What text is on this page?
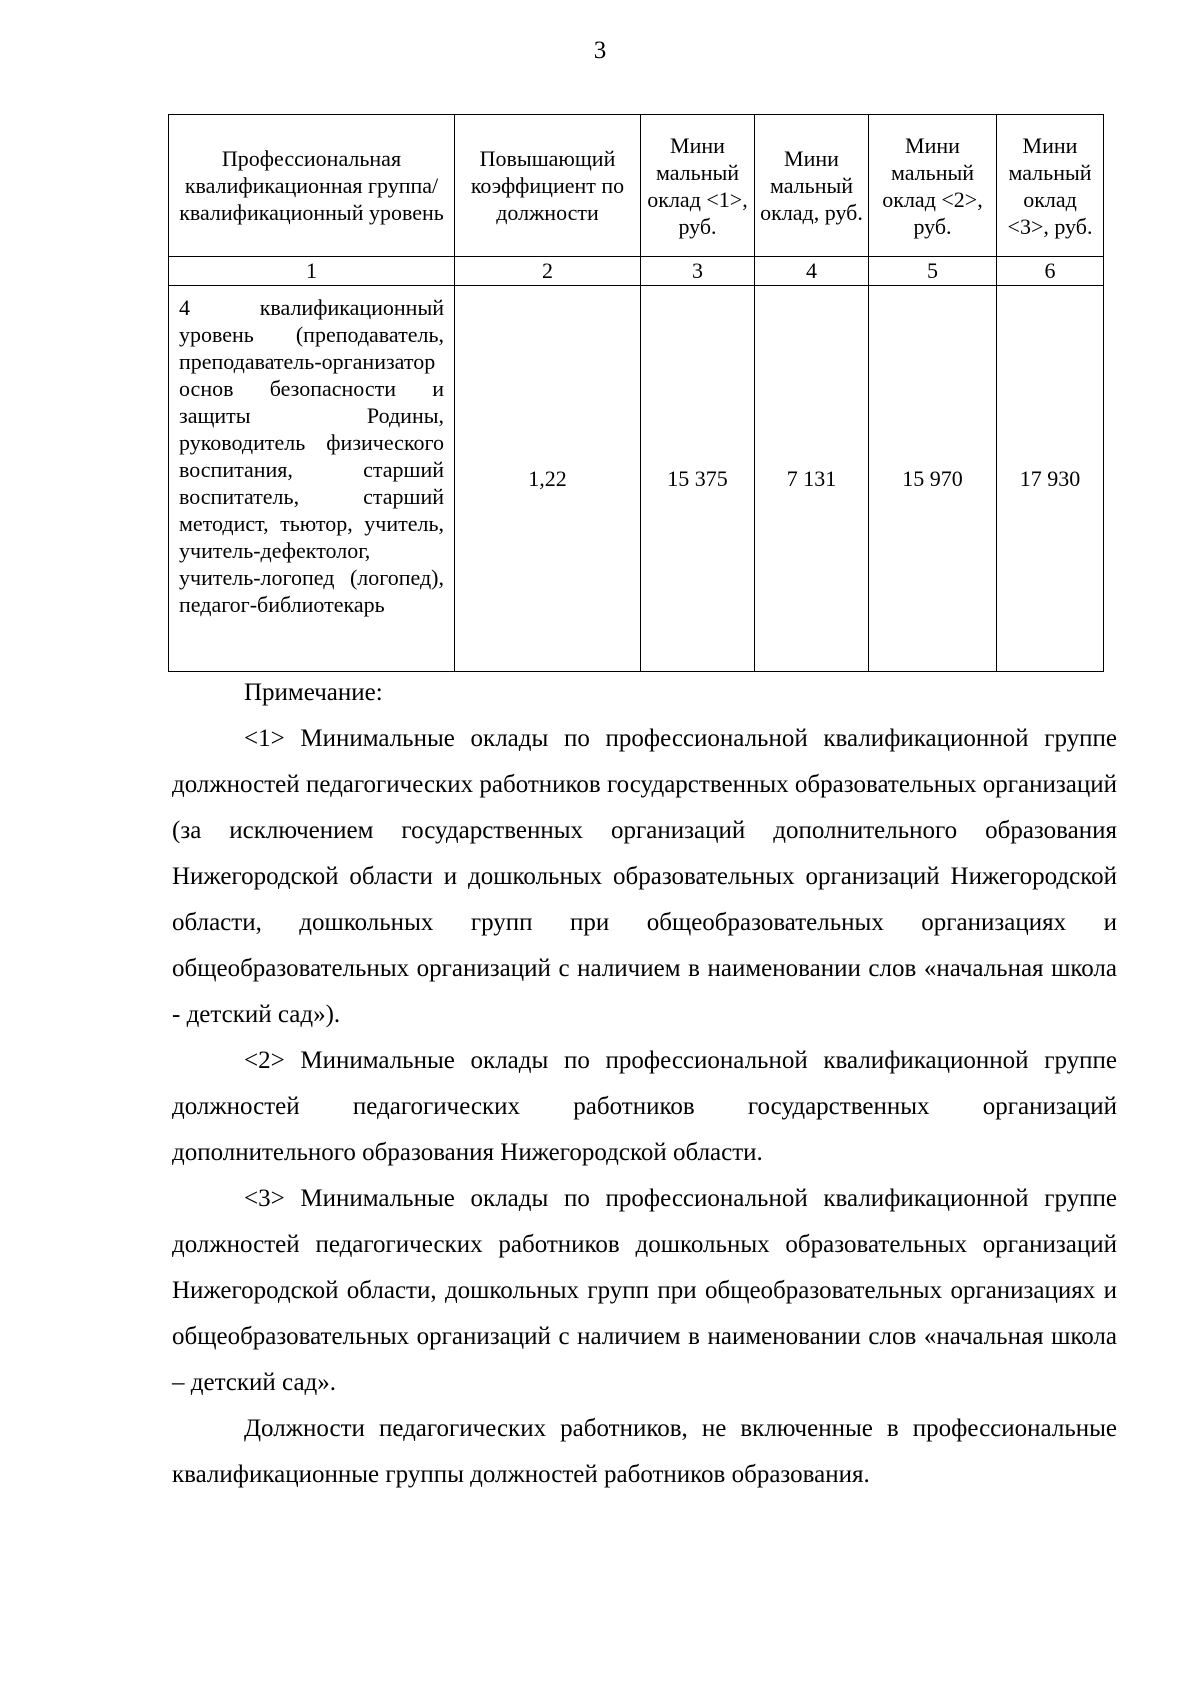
3
Профессиональная квалификационная группа/ квалификационный уровень	Повышающий коэффициент по должности	Мини мальный оклад <1>, руб.	Мини мальный оклад, руб.	Мини мальный оклад <2>, руб.	Мини мальный оклад <3>, руб.
1	2	3	4	5	6
4 квалификационный уровень (преподаватель, преподаватель-организатор основ безопасности и защиты Родины, руководитель физического воспитания, старший воспитатель, старший методист, тьютор, учитель, учитель-дефектолог, учитель-логопед (логопед), педагог-библиотекарь	1,22	15 375	7 131	15 970	17 930

Примечание:

<1> Минимальные оклады по профессиональной квалификационной группе должностей педагогических работников государственных образовательных организаций (за исключением государственных организаций дополнительного образования Нижегородской области и дошкольных образовательных организаций Нижегородской области, дошкольных групп при общеобразовательных организациях и общеобразовательных организаций с наличием в наименовании слов «начальная школа - детский сад»).

<2> Минимальные оклады по профессиональной квалификационной группе должностей педагогических работников государственных организаций дополнительного образования Нижегородской области.

<3> Минимальные оклады по профессиональной квалификационной группе должностей педагогических работников дошкольных образовательных организаций Нижегородской области, дошкольных групп при общеобразовательных организациях и общеобразовательных организаций с наличием в наименовании слов «начальная школа – детский сад».

Должности педагогических работников, не включенные в профессиональные квалификационные группы должностей работников образования.
